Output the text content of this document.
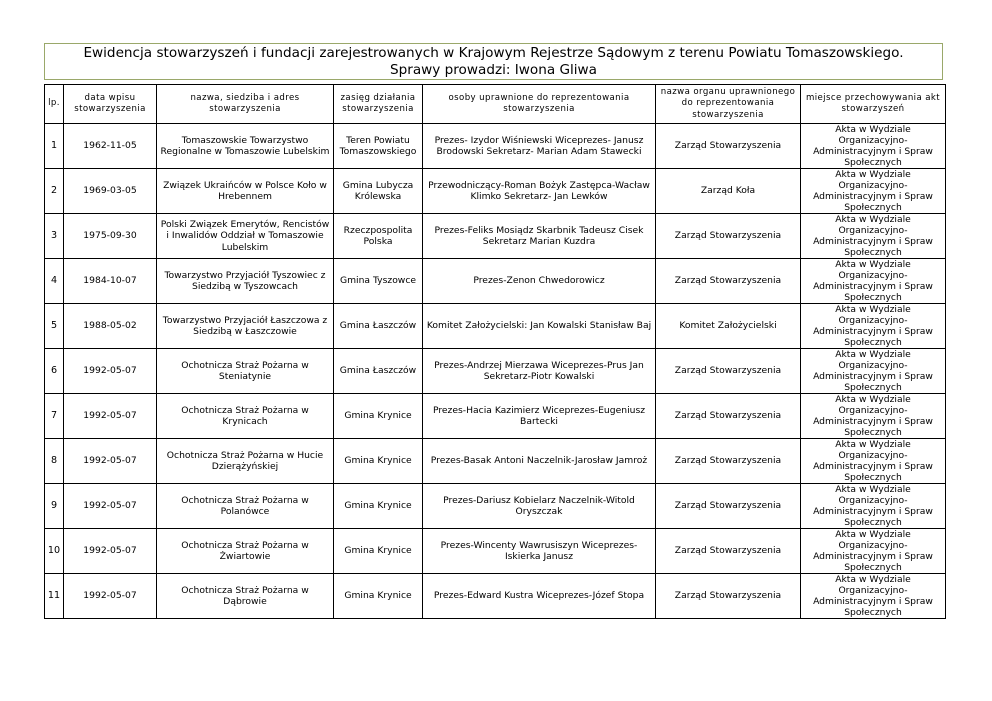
Ewidencja stowarzyszeń i fundacji zarejestrowanych w Krajowym Rejestrze Sądowym z terenu Powiatu Tomaszowskiego.
Sprawy prowadzi: Iwona Gliwa
lp.	data wpisu stowarzyszenia	nazwa, siedziba i adres stowarzyszenia	zasięg działania stowarzyszenia	osoby uprawnione do reprezentowania stowarzyszenia	nazwa organu uprawnionego do reprezentowania stowarzyszenia	miejsce przechowywania akt stowarzyszeń
1	1962-11-05	Tomaszowskie Towarzystwo Regionalne w Tomaszowie Lubelskim	Teren Powiatu Tomaszowskiego	Prezes- Izydor Wiśniewski Wiceprezes- Janusz Brodowski Sekretarz- Marian Adam Stawecki	Zarząd Stowarzyszenia	Akta w Wydziale Organizacyjno-Administracyjnym i Spraw Społecznych
2	1969-03-05	Związek Ukraińców w Polsce Koło w Hrebennem	Gmina Lubycza Królewska	Przewodniczący-Roman Bożyk Zastępca-Wacław Klimko Sekretarz- Jan Lewków	Zarząd Koła	Akta w Wydziale Organizacyjno-Administracyjnym i Spraw Społecznych
3	1975-09-30	Polski Związek Emerytów, Rencistów i Inwalidów Oddział w Tomaszowie Lubelskim	Rzeczpospolita Polska	Prezes-Feliks Mosiądz Skarbnik Tadeusz Cisek Sekretarz Marian Kuzdra	Zarząd Stowarzyszenia	Akta w Wydziale Organizacyjno-Administracyjnym i Spraw Społecznych
4	1984-10-07	Towarzystwo Przyjaciół Tyszowiec z Siedzibą w Tyszowcach	Gmina Tyszowce	Prezes-Zenon Chwedorowicz	Zarząd Stowarzyszenia	Akta w Wydziale Organizacyjno-Administracyjnym i Spraw Społecznych
5	1988-05-02	Towarzystwo Przyjaciół Łaszczowa z Siedzibą w Łaszczowie	Gmina Łaszczów	Komitet Założycielski: Jan Kowalski Stanisław Baj	Komitet Założycielski	Akta w Wydziale Organizacyjno-Administracyjnym i Spraw Społecznych
6	1992-05-07	Ochotnicza Straż Pożarna w Steniatynie	Gmina Łaszczów	Prezes-Andrzej Mierzawa Wiceprezes-Prus Jan Sekretarz-Piotr Kowalski	Zarząd Stowarzyszenia	Akta w Wydziale Organizacyjno-Administracyjnym i Spraw Społecznych
7	1992-05-07	Ochotnicza Straż Pożarna w Krynicach	Gmina Krynice	Prezes-Hacia Kazimierz Wiceprezes-Eugeniusz Bartecki	Zarząd Stowarzyszenia	Akta w Wydziale Organizacyjno-Administracyjnym i Spraw Społecznych
8	1992-05-07	Ochotnicza Straż Pożarna w Hucie Dzierążyńskiej	Gmina Krynice	Prezes-Basak Antoni Naczelnik-Jarosław Jamroż	Zarząd Stowarzyszenia	Akta w Wydziale Organizacyjno-Administracyjnym i Spraw Społecznych
9	1992-05-07	Ochotnicza Straż Pożarna w Polanówce	Gmina Krynice	Prezes-Dariusz Kobielarz Naczelnik-Witold Oryszczak	Zarząd Stowarzyszenia	Akta w Wydziale Organizacyjno-Administracyjnym i Spraw Społecznych
10	1992-05-07	Ochotnicza Straż Pożarna w Żwiartowie	Gmina Krynice	Prezes-Wincenty Wawrusiszyn Wiceprezes-Iskierka Janusz	Zarząd Stowarzyszenia	Akta w Wydziale Organizacyjno-Administracyjnym i Spraw Społecznych
11	1992-05-07	Ochotnicza Straż Pożarna w Dąbrowie	Gmina Krynice	Prezes-Edward Kustra Wiceprezes-Józef Stopa	Zarząd Stowarzyszenia	Akta w Wydziale Organizacyjno-Administracyjnym i Spraw Społecznych
